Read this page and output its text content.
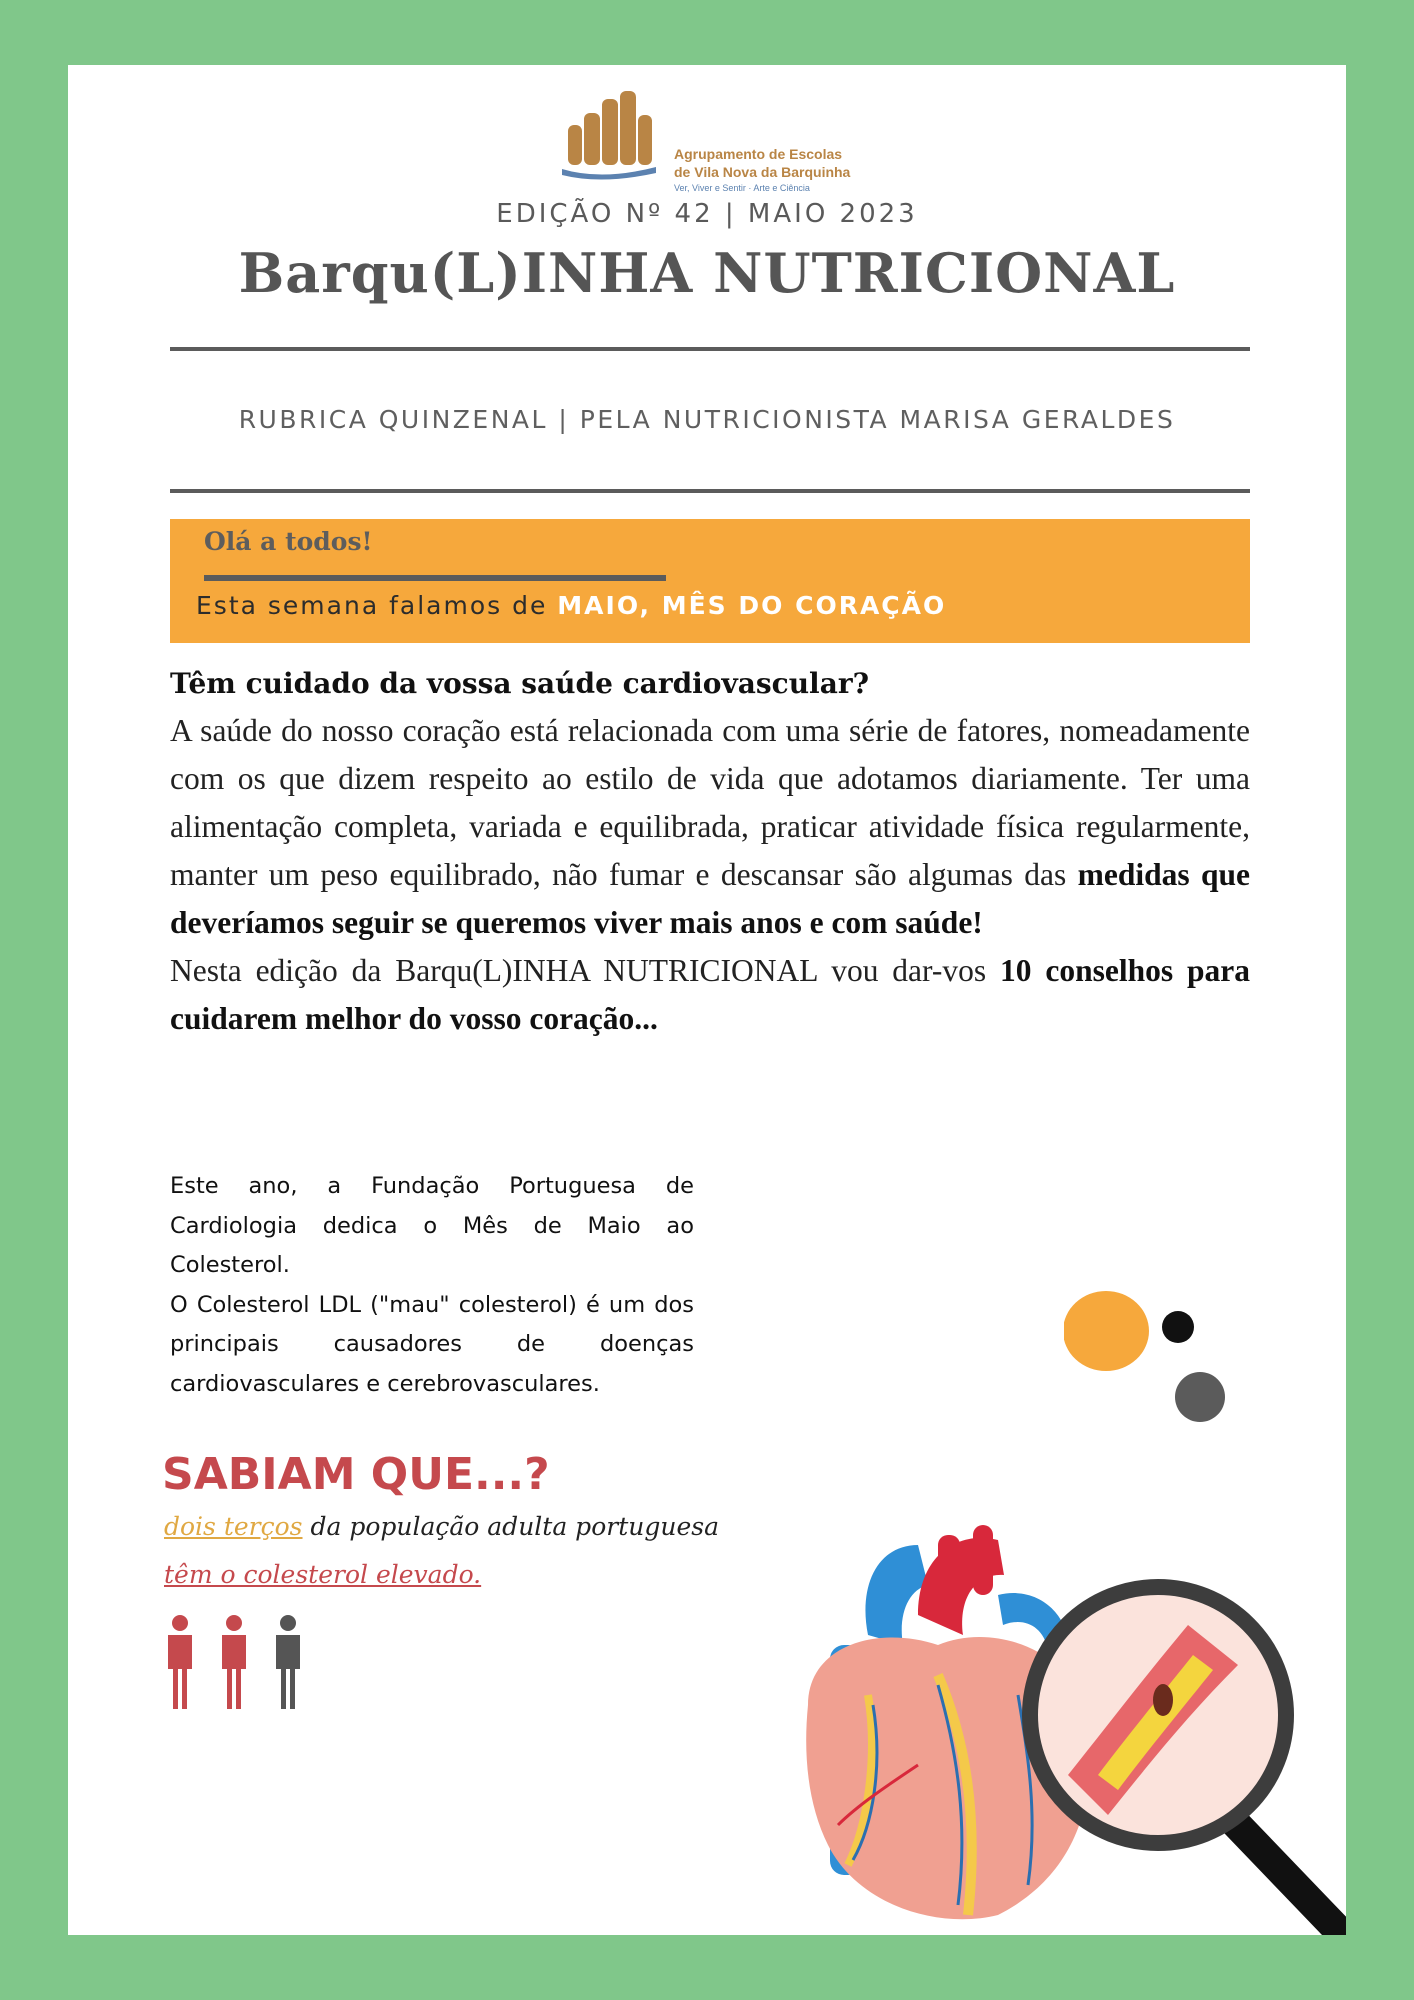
Agrupamento de Escolas
de Vila Nova da Barquinha
Ver, Viver e Sentir · Arte e Ciência
EDIÇÃO Nº 42 | MAIO 2023
Barqu(L)INHA NUTRICIONAL
RUBRICA QUINZENAL | PELA NUTRICIONISTA MARISA GERALDES
Olá a todos!
Esta semana falamos de MAIO, MÊS DO CORAÇÃO
Têm cuidado da vossa saúde cardiovascular?

A saúde do nosso coração está relacionada com uma série de fatores, nomeadamente com os que dizem respeito ao estilo de vida que adotamos diariamente. Ter uma alimentação completa, variada e equilibrada, praticar atividade física regularmente, manter um peso equilibrado, não fumar e descansar são algumas das medidas que deveríamos seguir se queremos viver mais anos e com saúde!

Nesta edição da Barqu(L)INHA NUTRICIONAL vou dar-vos 10 conselhos para cuidarem melhor do vosso coração...

Este ano, a Fundação Portuguesa de Cardiologia dedica o Mês de Maio ao Colesterol.

O Colesterol LDL ("mau" colesterol) é um dos principais causadores de doenças cardiovasculares e cerebrovasculares.

SABIAM QUE...?
dois terços da população adulta portuguesa
têm o colesterol elevado.
